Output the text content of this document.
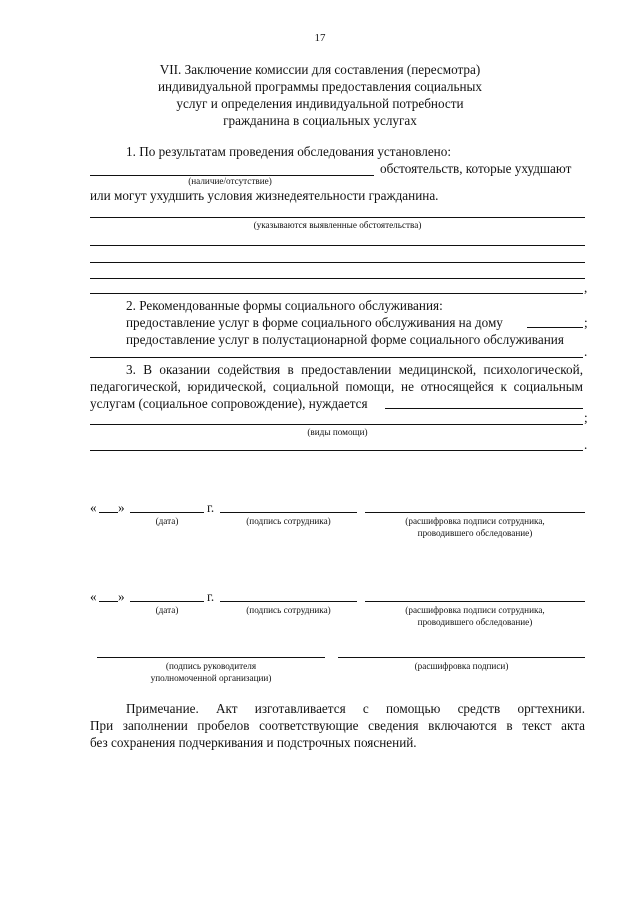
17
VII. Заключение комиссии для составления (пересмотра)
индивидуальной программы предоставления социальных
услуг и определения индивидуальной потребности
гражданина в социальных услугах
1. По результатам проведения обследования установлено:
обстоятельств, которые ухудшают
(наличие/отсутствие)
или могут ухудшить условия жизнедеятельности гражданина.
(указываются выявленные обстоятельства)
,
2. Рекомендованные формы социального обслуживания:
предоставление услуг в форме социального обслуживания на дому	;
предоставление услуг в полустационарной форме социального обслуживания
.
3. В оказании содействия в предоставлении медицинской, психологической,
педагогической, юридической, социальной помощи, не относящейся к социальным
услугам (социальное сопровождение), нуждается
;
(виды помощи)
.
« »	г.
(дата)	(подпись сотрудника)	(расшифровка подписи сотрудника,
проводившего обследование)
« »	г.
(дата)	(подпись сотрудника)	(расшифровка подписи сотрудника,
проводившего обследование)
(подпись руководителя
уполномоченной организации)
(расшифровка подписи)
Примечание. Акт изготавливается с помощью средств оргтехники.
При заполнении пробелов соответствующие сведения включаются в текст акта
без сохранения подчеркивания и подстрочных пояснений.
